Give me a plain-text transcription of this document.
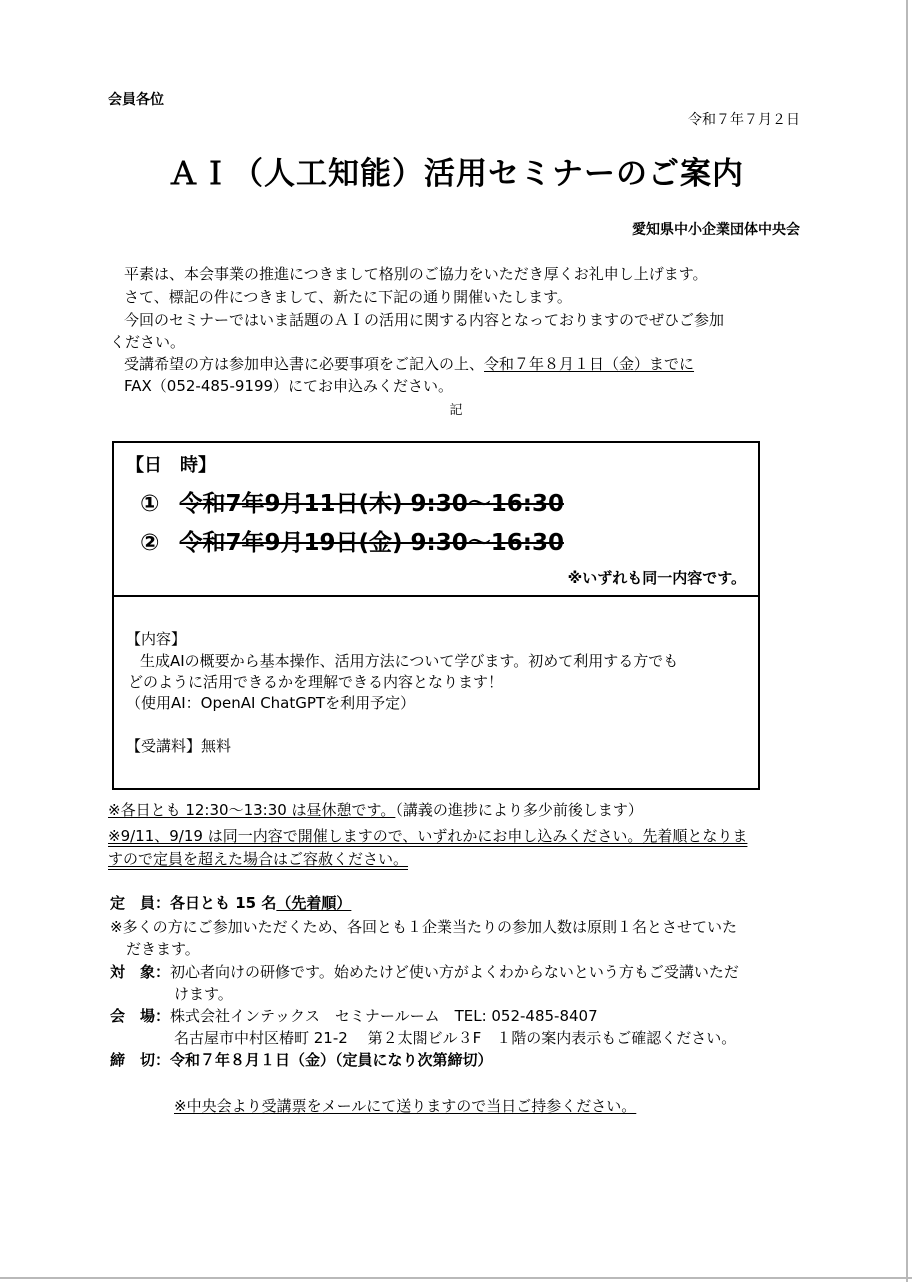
会員各位
令和７年７月２日
ＡＩ（人工知能）活用セミナーのご案内
愛知県中小企業団体中央会
平素は、本会事業の推進につきまして格別のご協力をいただき厚くお礼申し上げます。
さて、標記の件につきまして、新たに下記の通り開催いたします。
今回のセミナーではいま話題のＡＩの活用に関する内容となっておりますのでぜひご参加
ください。
受講希望の方は参加申込書に必要事項をご記入の上、令和７年８月１日（金）までに
FAX（052-485-9199）にてお申込みください。
記
【日　時】
① 令和7年9月11日(木) 9:30～16:30
② 令和7年9月19日(金) 9:30～16:30
※いずれも同一内容です。
【内容】
生成AIの概要から基本操作、活用方法について学びます。初めて利用する方でも
どのように活用できるかを理解できる内容となります！
（使用AI：OpenAI ChatGPTを利用予定）
【受講料】無料
※各日とも 12:30～13:30 は昼休憩です。（講義の進捗により多少前後します）
※9/11、9/19 は同一内容で開催しますので、いずれかにお申し込みください。先着順となりま
すので定員を超えた場合はご容赦ください。
定　員：各日とも 15 名（先着順）
※多くの方にご参加いただくため、各回とも１企業当たりの参加人数は原則１名とさせていた
だきます。
対　象：初心者向けの研修です。始めたけど使い方がよくわからないという方もご受講いただ
けます。
会　場：株式会社インテックス　セミナールーム　TEL: 052-485-8407
名古屋市中村区椿町 21-2　 第２太閤ビル３F　１階の案内表示もご確認ください。
締　切：令和７年８月１日（金）（定員になり次第締切）
※中央会より受講票をメールにて送りますので当日ご持参ください。
